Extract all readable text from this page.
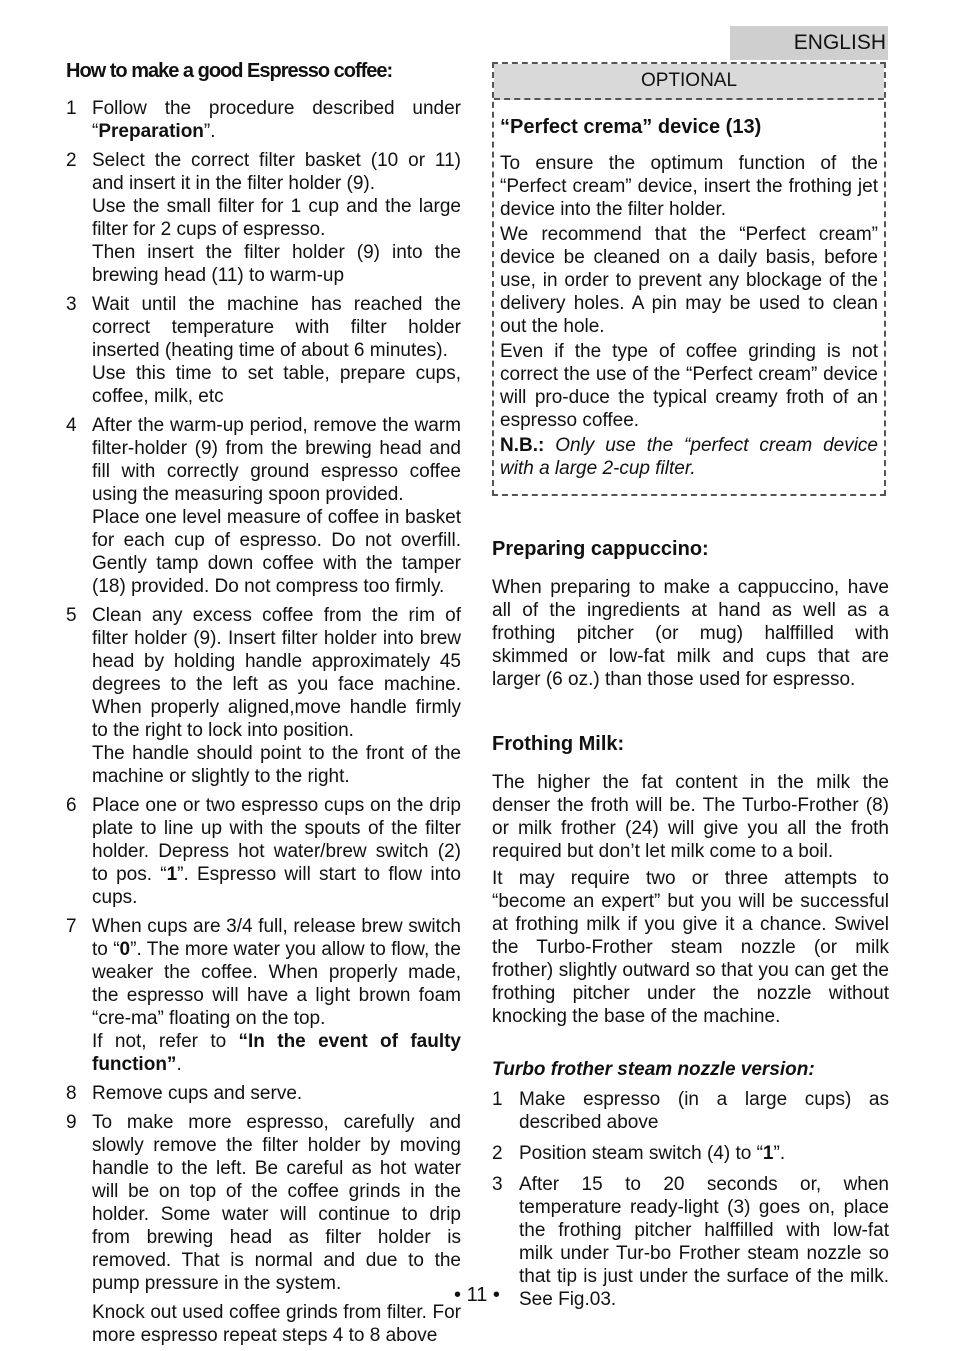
ENGLISH
How to make a good Espresso coffee:
1 Follow the procedure described under “Preparation”.
2 Select the correct filter basket (10 or 11) and insert it in the filter holder (9).
Use the small filter for 1 cup and the large filter for 2 cups of espresso.
Then insert the filter holder (9) into the brewing head (11) to warm-up
3 Wait until the machine has reached the correct temperature with filter holder inserted (heating time of about 6 minutes).
Use this time to set table, prepare cups, coffee, milk, etc
4 After the warm-up period, remove the warm filter-holder (9) from the brewing head and fill with correctly ground espresso coffee using the measuring spoon provided.
Place one level measure of coffee in basket for each cup of espresso. Do not overfill. Gently tamp down coffee with the tamper (18) provided. Do not compress too firmly.
5 Clean any excess coffee from the rim of filter holder (9). Insert filter holder into brew head by holding handle approximately 45 degrees to the left as you face machine. When properly aligned,move handle firmly to the right to lock into position.
The handle should point to the front of the machine or slightly to the right.
6 Place one or two espresso cups on the drip plate to line up with the spouts of the filter holder. Depress hot water/brew switch (2) to pos. “1”. Espresso will start to flow into cups.
7 When cups are 3/4 full, release brew switch to “0”. The more water you allow to flow, the weaker the coffee. When properly made, the espresso will have a light brown foam “cre-ma” floating on the top.
If not, refer to “In the event of faulty function”.
8 Remove cups and serve.
9 To make more espresso, carefully and slowly remove the filter holder by moving handle to the left. Be careful as hot water will be on top of the coffee grinds in the holder. Some water will continue to drip from brewing head as filter holder is removed. That is normal and due to the pump pressure in the system.
Knock out used coffee grinds from filter. For more espresso repeat steps 4 to 8 above
OPTIONAL
“Perfect crema” device (13)

To ensure the optimum function of the “Perfect cream” device, insert the frothing jet device into the filter holder.

We recommend that the “Perfect cream” device be cleaned on a daily basis, before use, in order to prevent any blockage of the delivery holes. A pin may be used to clean out the hole.

Even if the type of coffee grinding is not correct the use of the “Perfect cream” device will pro-duce the typical creamy froth of an espresso coffee.

N.B.: Only use the “perfect cream device with a large 2-cup filter.

Preparing cappuccino:

When preparing to make a cappuccino, have all of the ingredients at hand as well as a frothing pitcher (or mug) halffilled with skimmed or low-fat milk and cups that are larger (6 oz.) than those used for espresso.

Frothing Milk:

The higher the fat content in the milk the denser the froth will be. The Turbo-Frother (8) or milk frother (24) will give you all the froth required but don’t let milk come to a boil.

It may require two or three attempts to “become an expert” but you will be successful at frothing milk if you give it a chance. Swivel the Turbo-Frother steam nozzle (or milk frother) slightly outward so that you can get the frothing pitcher under the nozzle without knocking the base of the machine.

Turbo frother steam nozzle version:
1 Make espresso (in a large cups) as described above
2 Position steam switch (4) to “1”.
3 After 15 to 20 seconds or, when temperature ready-light (3) goes on, place the frothing pitcher halffilled with low-fat milk under Tur-bo Frother steam nozzle so that tip is just under the surface of the milk. See Fig.03.
• 11 •
